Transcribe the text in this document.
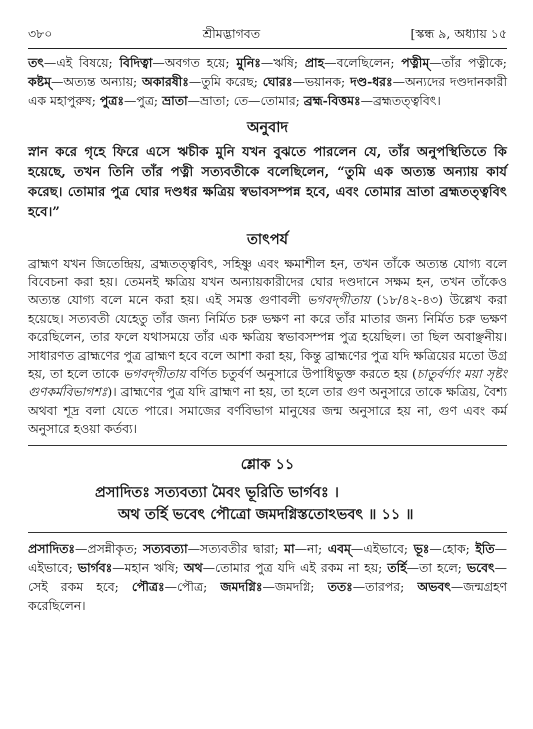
৩৮০	শ্রীমদ্ভাগবত	[স্কন্ধ ৯, অধ্যায় ১৫

তৎ—এই বিষয়ে; বিদিত্বা—অবগত হয়ে; মুনিঃ—ঋষি; প্রাহ—বলেছিলেন; পত্নীম্—তাঁর পত্নীকে; কষ্টম্—অত্যন্ত অন্যায়; অকারষীঃ—তুমি করেছ; ঘোরঃ—ভয়ানক; দণ্ড-ধরঃ—অন্যদের দণ্ডদানকারী এক মহাপুরুষ; পুত্রঃ—পুত্র; ভ্রাতা—ভ্রাতা; তে—তোমার; ব্রহ্ম-বিত্তমঃ—ব্রহ্মতত্ত্ববিৎ।

অনুবাদ

স্নান করে গৃহে ফিরে এসে ঋচীক মুনি যখন বুঝতে পারলেন যে, তাঁর অনুপস্থিতিতে কি হয়েছে, তখন তিনি তাঁর পত্নী সত্যবতীকে বলেছিলেন, “তুমি এক অত্যন্ত অন্যায় কার্য করেছ। তোমার পুত্র ঘোর দণ্ডধর ক্ষত্রিয় স্বভাবসম্পন্ন হবে, এবং তোমার ভ্রাতা ব্রহ্মতত্ত্ববিৎ হবে।”

তাৎপর্য

ব্রাহ্মণ যখন জিতেন্দ্রিয়, ব্রহ্মতত্ত্ববিৎ, সহিষ্ণু এবং ক্ষমাশীল হন, তখন তাঁকে অত্যন্ত যোগ্য বলে বিবেচনা করা হয়। তেমনই ক্ষত্রিয় যখন অন্যায়কারীদের ঘোর দণ্ডদানে সক্ষম হন, তখন তাঁকেও অত্যন্ত যোগ্য বলে মনে করা হয়। এই সমস্ত গুণাবলী ভগবদ্‌গীতায় (১৮/৪২-৪৩) উল্লেখ করা হয়েছে। সত্যবতী যেহেতু তাঁর জন্য নির্মিত চরু ভক্ষণ না করে তাঁর মাতার জন্য নির্মিত চরু ভক্ষণ করেছিলেন, তার ফলে যথাসময়ে তাঁর এক ক্ষত্রিয় স্বভাবসম্পন্ন পুত্র হয়েছিল। তা ছিল অবাঞ্ছনীয়। সাধারণত ব্রাহ্মণের পুত্র ব্রাহ্মণ হবে বলে আশা করা হয়, কিন্তু ব্রাহ্মণের পুত্র যদি ক্ষত্রিয়ের মতো উগ্র হয়, তা হলে তাকে ভগবদ্‌গীতায় বর্ণিত চতুর্বর্ণ অনুসারে উপাধিভুক্ত করতে হয় (চাতুর্বর্ণ্যং ময়া সৃষ্টং গুণকর্মবিভাগশঃ)। ব্রাহ্মণের পুত্র যদি ব্রাহ্মণ না হয়, তা হলে তার গুণ অনুসারে তাকে ক্ষত্রিয়, বৈশ্য অথবা শূদ্র বলা যেতে পারে। সমাজের বর্ণবিভাগ মানুষের জন্ম অনুসারে হয় না, গুণ এবং কর্ম অনুসারে হওয়া কর্তব্য।

শ্লোক ১১
প্রসাদিতঃ সত্যবত্যা মৈবং ভূরিতি ভার্গবঃ ।
অথ তর্হি ভবেৎ পৌত্রো জমদগ্নিস্ততোঽভবৎ ॥ ১১ ॥

প্রসাদিতঃ—প্রসন্নীকৃত; সত্যবত্যা—সত্যবতীর দ্বারা; মা—না; এবম্—এইভাবে; ভূঃ—হোক; ইতি—এইভাবে; ভার্গবঃ—মহান ঋষি; অথ—তোমার পুত্র যদি এই রকম না হয়; তর্হি—তা হলে; ভবেৎ—সেই রকম হবে; পৌত্রঃ—পৌত্র; জমদগ্নিঃ—জমদগ্নি; ততঃ—তারপর; অভবৎ—জন্মগ্রহণ করেছিলেন।
